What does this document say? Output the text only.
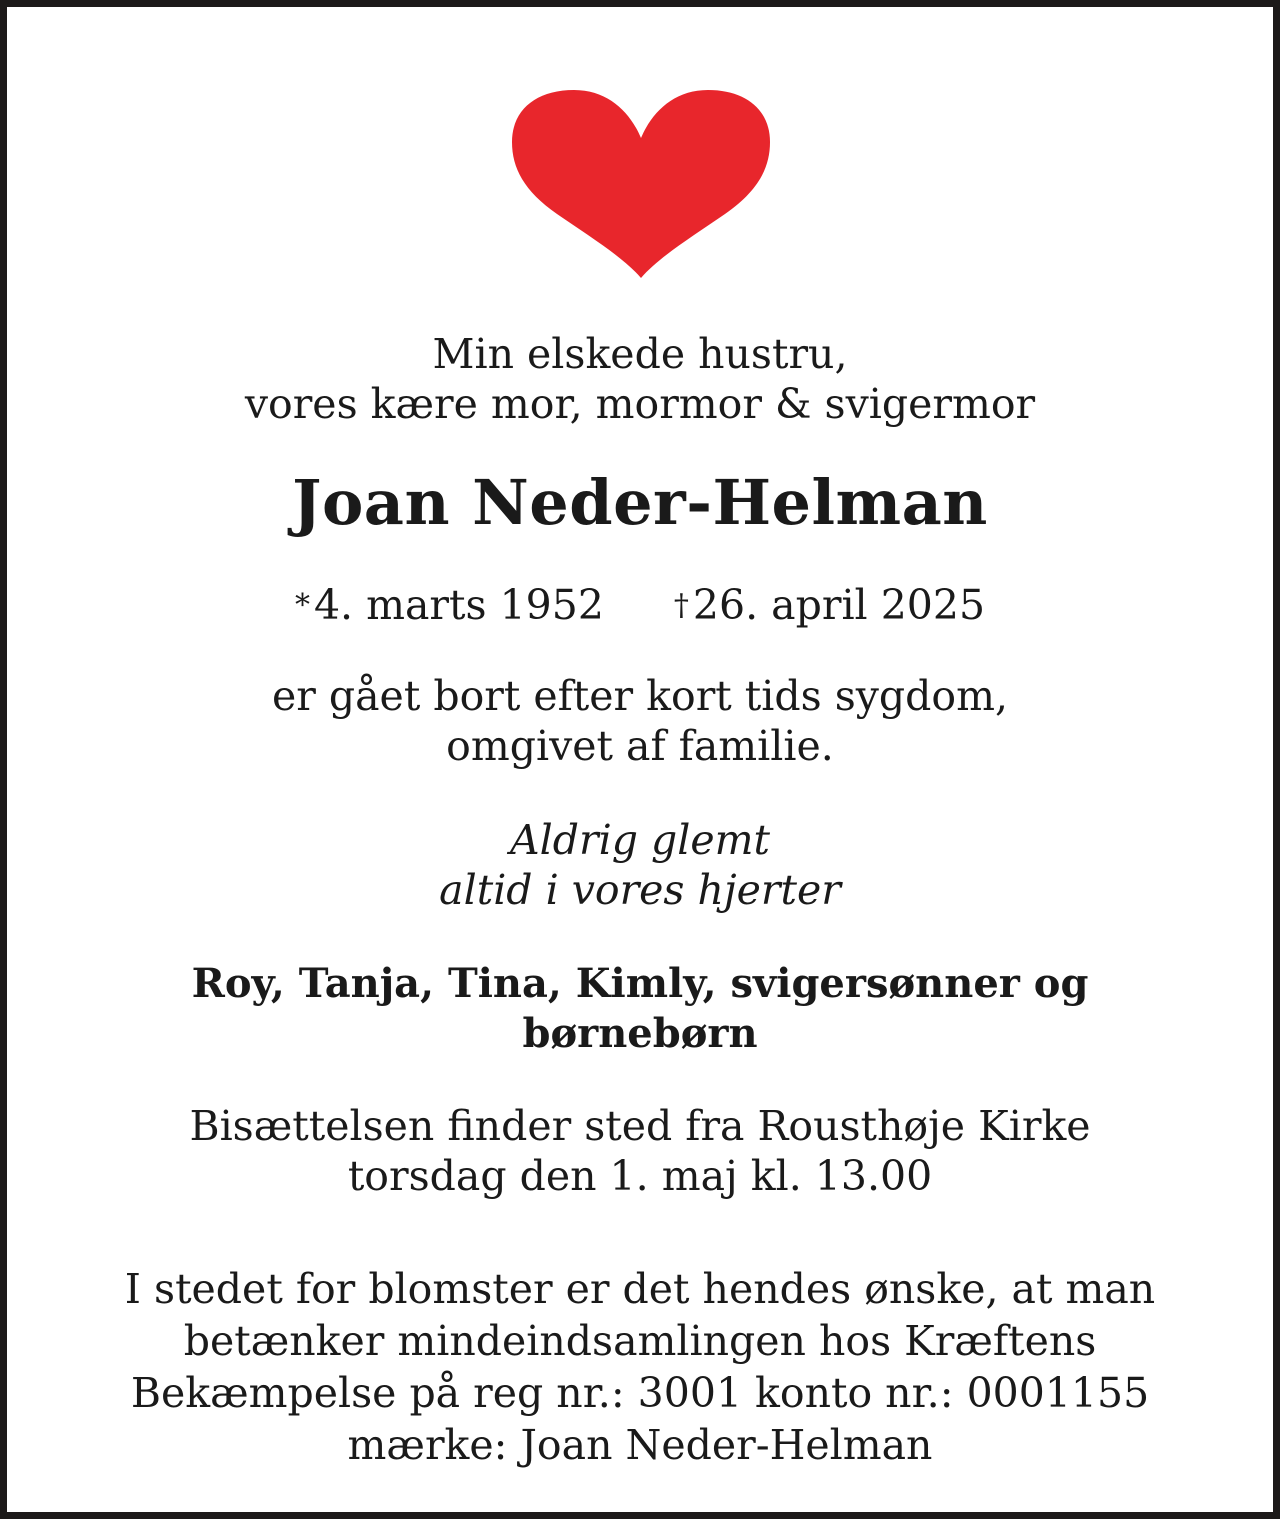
Min elskede hustru,
vores kære mor, mormor & svigermor
Joan Neder-Helman
*4. marts 1952 †26. april 2025
er gået bort efter kort tids sygdom,
omgivet af familie.
Aldrig glemt
altid i vores hjerter
Roy, Tanja, Tina, Kimly, svigersønner og
børnebørn
Bisættelsen finder sted fra Rousthøje Kirke
torsdag den 1. maj kl. 13.00
I stedet for blomster er det hendes ønske, at man
betænker mindeindsamlingen hos Kræftens
Bekæmpelse på reg nr.: 3001 konto nr.: 0001155
mærke: Joan Neder-Helman
